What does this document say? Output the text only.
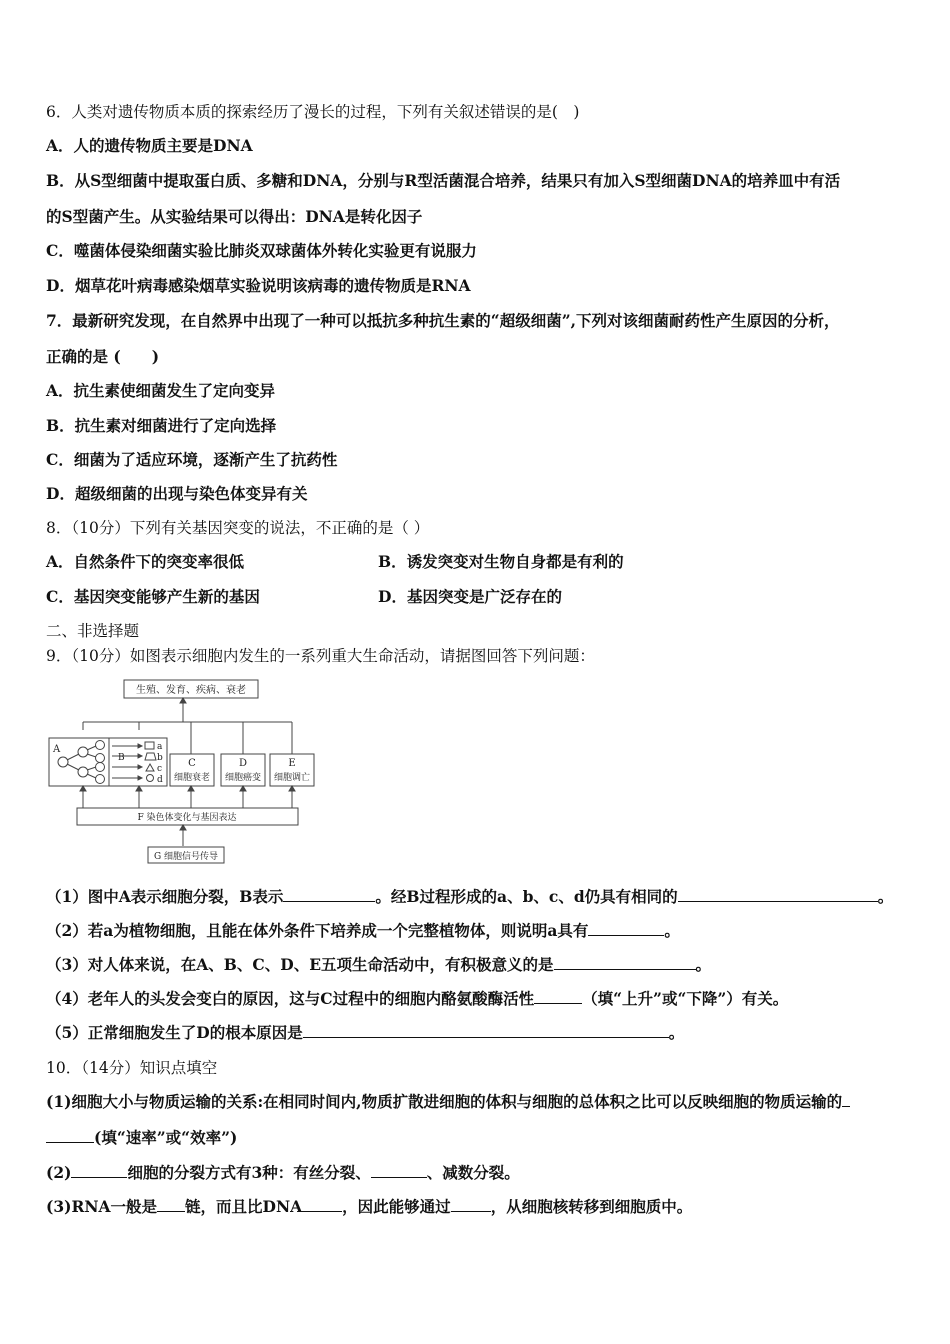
6．人类对遗传物质本质的探索经历了漫长的过程，下列有关叙述错误的是(　)
A．人的遗传物质主要是DNA
B．从S型细菌中提取蛋白质、多糖和DNA，分别与R型活菌混合培养，结果只有加入S型细菌DNA的培养皿中有活
的S型菌产生。从实验结果可以得出：DNA是转化因子
C．噬菌体侵染细菌实验比肺炎双球菌体外转化实验更有说服力
D．烟草花叶病毒感染烟草实验说明该病毒的遗传物质是RNA
7．最新研究发现，在自然界中出现了一种可以抵抗多种抗生素的“超级细菌”,下列对该细菌耐药性产生原因的分析，
正确的是 (　　)
A．抗生素使细菌发生了定向变异
B．抗生素对细菌进行了定向选择
C．细菌为了适应环境，逐渐产生了抗药性
D．超级细菌的出现与染色体变异有关
8．（10分）下列有关基因突变的说法，不正确的是（ ）
A．自然条件下的突变率很低	B．诱发突变对生物自身都是有利的
C．基因突变能够产生新的基因	D．基因突变是广泛存在的
二、非选择题
9．（10分）如图表示细胞内发生的一系列重大生命活动，请据图回答下列问题：
生殖、发育、疾病、衰老
A
B
a
b
c
d
C
细胞衰老
D
细胞癌变
E
细胞调亡
F 染色体变化与基因表达
G 细胞信号传导
（1）图中A表示细胞分裂，B表示	。经B过程形成的a、b、c、d仍具有相同的	。
（2）若a为植物细胞，且能在体外条件下培养成一个完整植物体，则说明a具有	。
（3）对人体来说，在A、B、C、D、E五项生命活动中，有积极意义的是	。
（4）老年人的头发会变白的原因，这与C过程中的细胞内酪氨酸酶活性	（填“上升”或“下降”）有关。
（5）正常细胞发生了D的根本原因是	。
10．（14分）知识点填空
(1)细胞大小与物质运输的关系:在相同时间内,物质扩散进细胞的体积与细胞的总体积之比可以反映细胞的物质运输的
(填“速率”或“效率”)
(2)	细胞的分裂方式有3种：有丝分裂、	、减数分裂。
(3)RNA一般是 链，而且比DNA	，因此能够通过	，从细胞核转移到细胞质中。
